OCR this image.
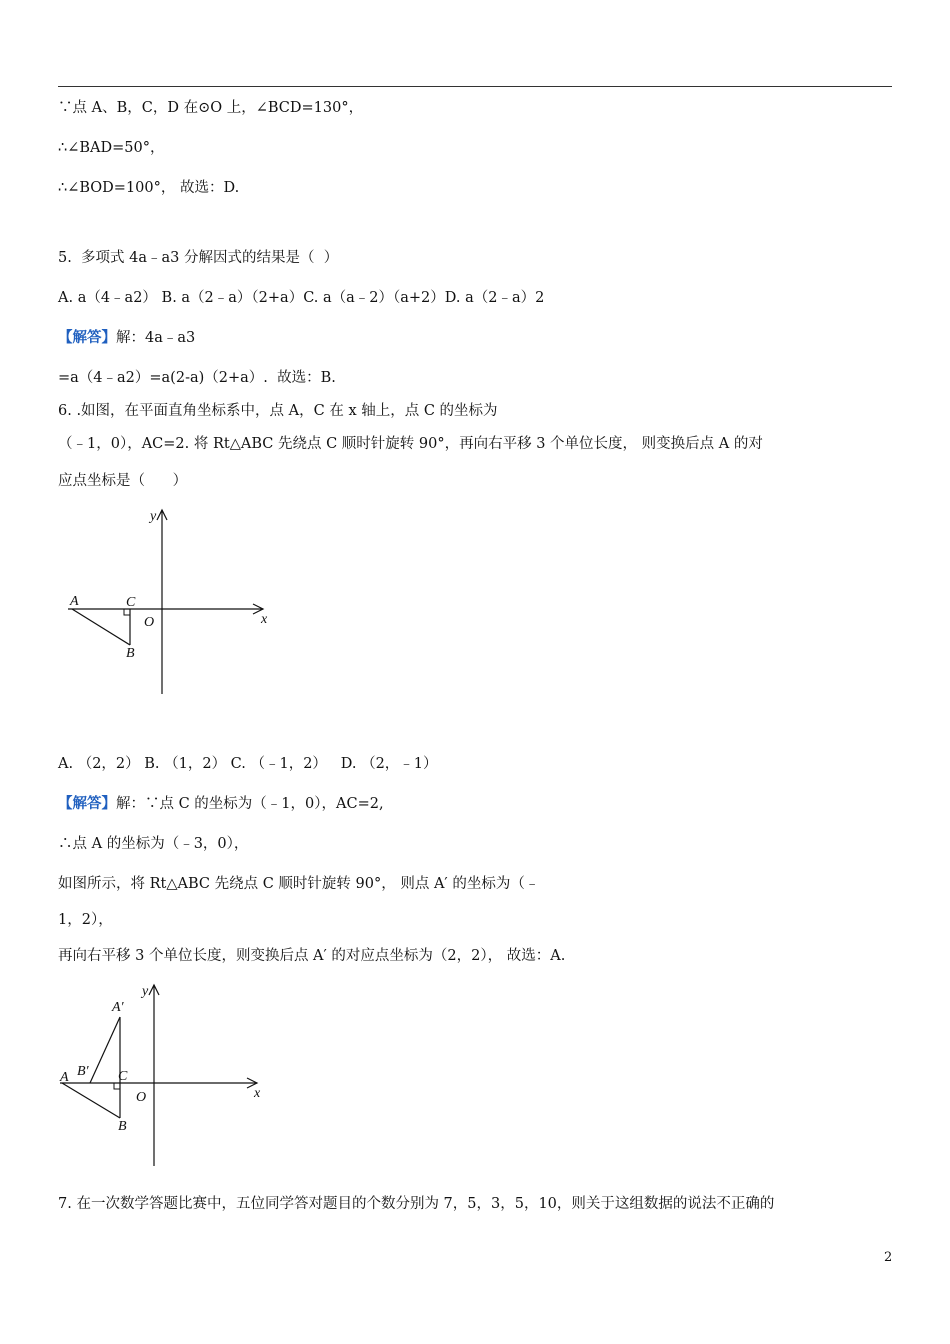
∵点 A、B，C，D 在⊙O 上，∠BCD=130°，
∴∠BAD=50°，
∴∠BOD=100°， 故选：D.
5.  多项式 4a﹣a3 分解因式的结果是（  ）
A. a（4﹣a2） B. a（2﹣a）（2+a）C. a（a﹣2）（a+2）D. a（2﹣a）2
【解答】解：4a﹣a3
=a（4﹣a2）=a(2-a)（2+a）.  故选：B.
6. .如图，在平面直角坐标系中，点 A，C 在 x 轴上，点 C 的坐标为
（﹣1，0），AC=2. 将 Rt△ABC 先绕点 C 顺时针旋转 90°，再向右平移 3 个单位长度， 则变换后点 A 的对
应点坐标是（      ）
y
x
A	C
O
B
A. （2，2） B. （1，2） C. （﹣1，2）   D. （2，﹣1）
【解答】解：∵点 C 的坐标为（﹣1，0），AC=2,
∴点 A 的坐标为（﹣3，0），
如图所示，将 Rt△ABC 先绕点 C 顺时针旋转 90°， 则点 A′ 的坐标为（﹣
1，2），
再向右平移 3 个单位长度，则变换后点 A′ 的对应点坐标为（2，2）， 故选：A.
y
x
A′
B′
A	C
O
B
7. 在一次数学答题比赛中，五位同学答对题目的个数分别为 7，5，3，5，10，则关于这组数据的说法不正确的
2
